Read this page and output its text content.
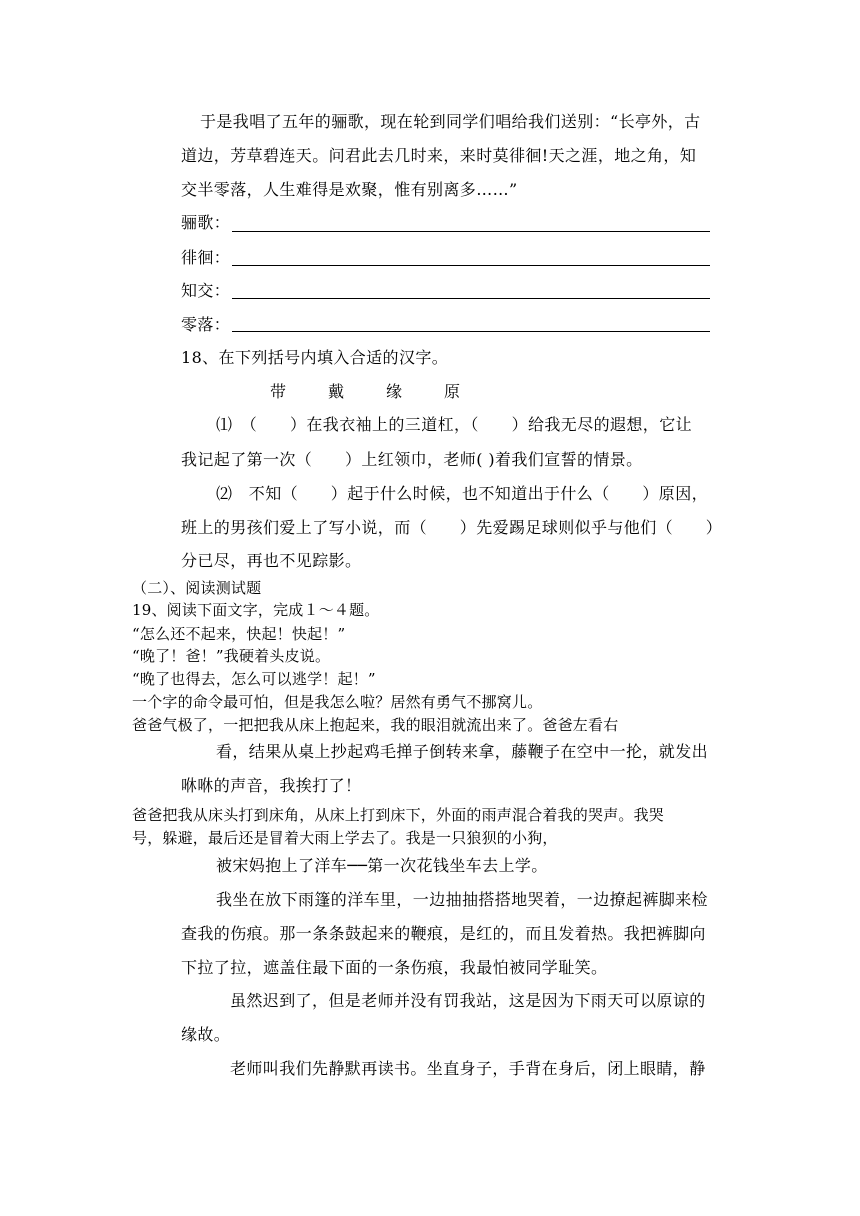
于是我唱了五年的骊歌，现在轮到同学们唱给我们送别：“长亭外，古
道边，芳草碧连天。问君此去几时来，来时莫徘徊!天之涯，地之角，知
交半零落，人生难得是欢聚，惟有别离多……”
骊歌：
徘徊：
知交：
零落：
18、在下列括号内填入合适的汉字。
带	戴	缘	原
⑴　（　　）在我衣袖上的三道杠，（　　）给我无尽的遐想，它让
我记起了第一次（　　）上红领巾，老师( )着我们宣誓的情景。
⑵　不知（　　）起于什么时候，也不知道出于什么（　　）原因，
班上的男孩们爱上了写小说，而（　　）先爱踢足球则似乎与他们（　　）
分已尽，再也不见踪影。
（二）、阅读测试题
19、阅读下面文字，完成１～４题。
“怎么还不起来，快起！快起！”
“晚了！爸！”我硬着头皮说。
“晚了也得去，怎么可以逃学！起！”
一个字的命令最可怕，但是我怎么啦？居然有勇气不挪窝儿。
爸爸气极了，一把把我从床上抱起来，我的眼泪就流出来了。爸爸左看右
看，结果从桌上抄起鸡毛掸子倒转来拿，藤鞭子在空中一抡，就发出
咻咻的声音，我挨打了！
爸爸把我从床头打到床角，从床上打到床下，外面的雨声混合着我的哭声。我哭
号，躲避，最后还是冒着大雨上学去了。我是一只狼狈的小狗，
被宋妈抱上了洋车──第一次花钱坐车去上学。
我坐在放下雨篷的洋车里，一边抽抽搭搭地哭着，一边撩起裤脚来检
查我的伤痕。那一条条鼓起来的鞭痕，是红的，而且发着热。我把裤脚向
下拉了拉，遮盖住最下面的一条伤痕，我最怕被同学耻笑。
虽然迟到了，但是老师并没有罚我站，这是因为下雨天可以原谅的
缘故。
老师叫我们先静默再读书。坐直身子，手背在身后，闭上眼睛，静
